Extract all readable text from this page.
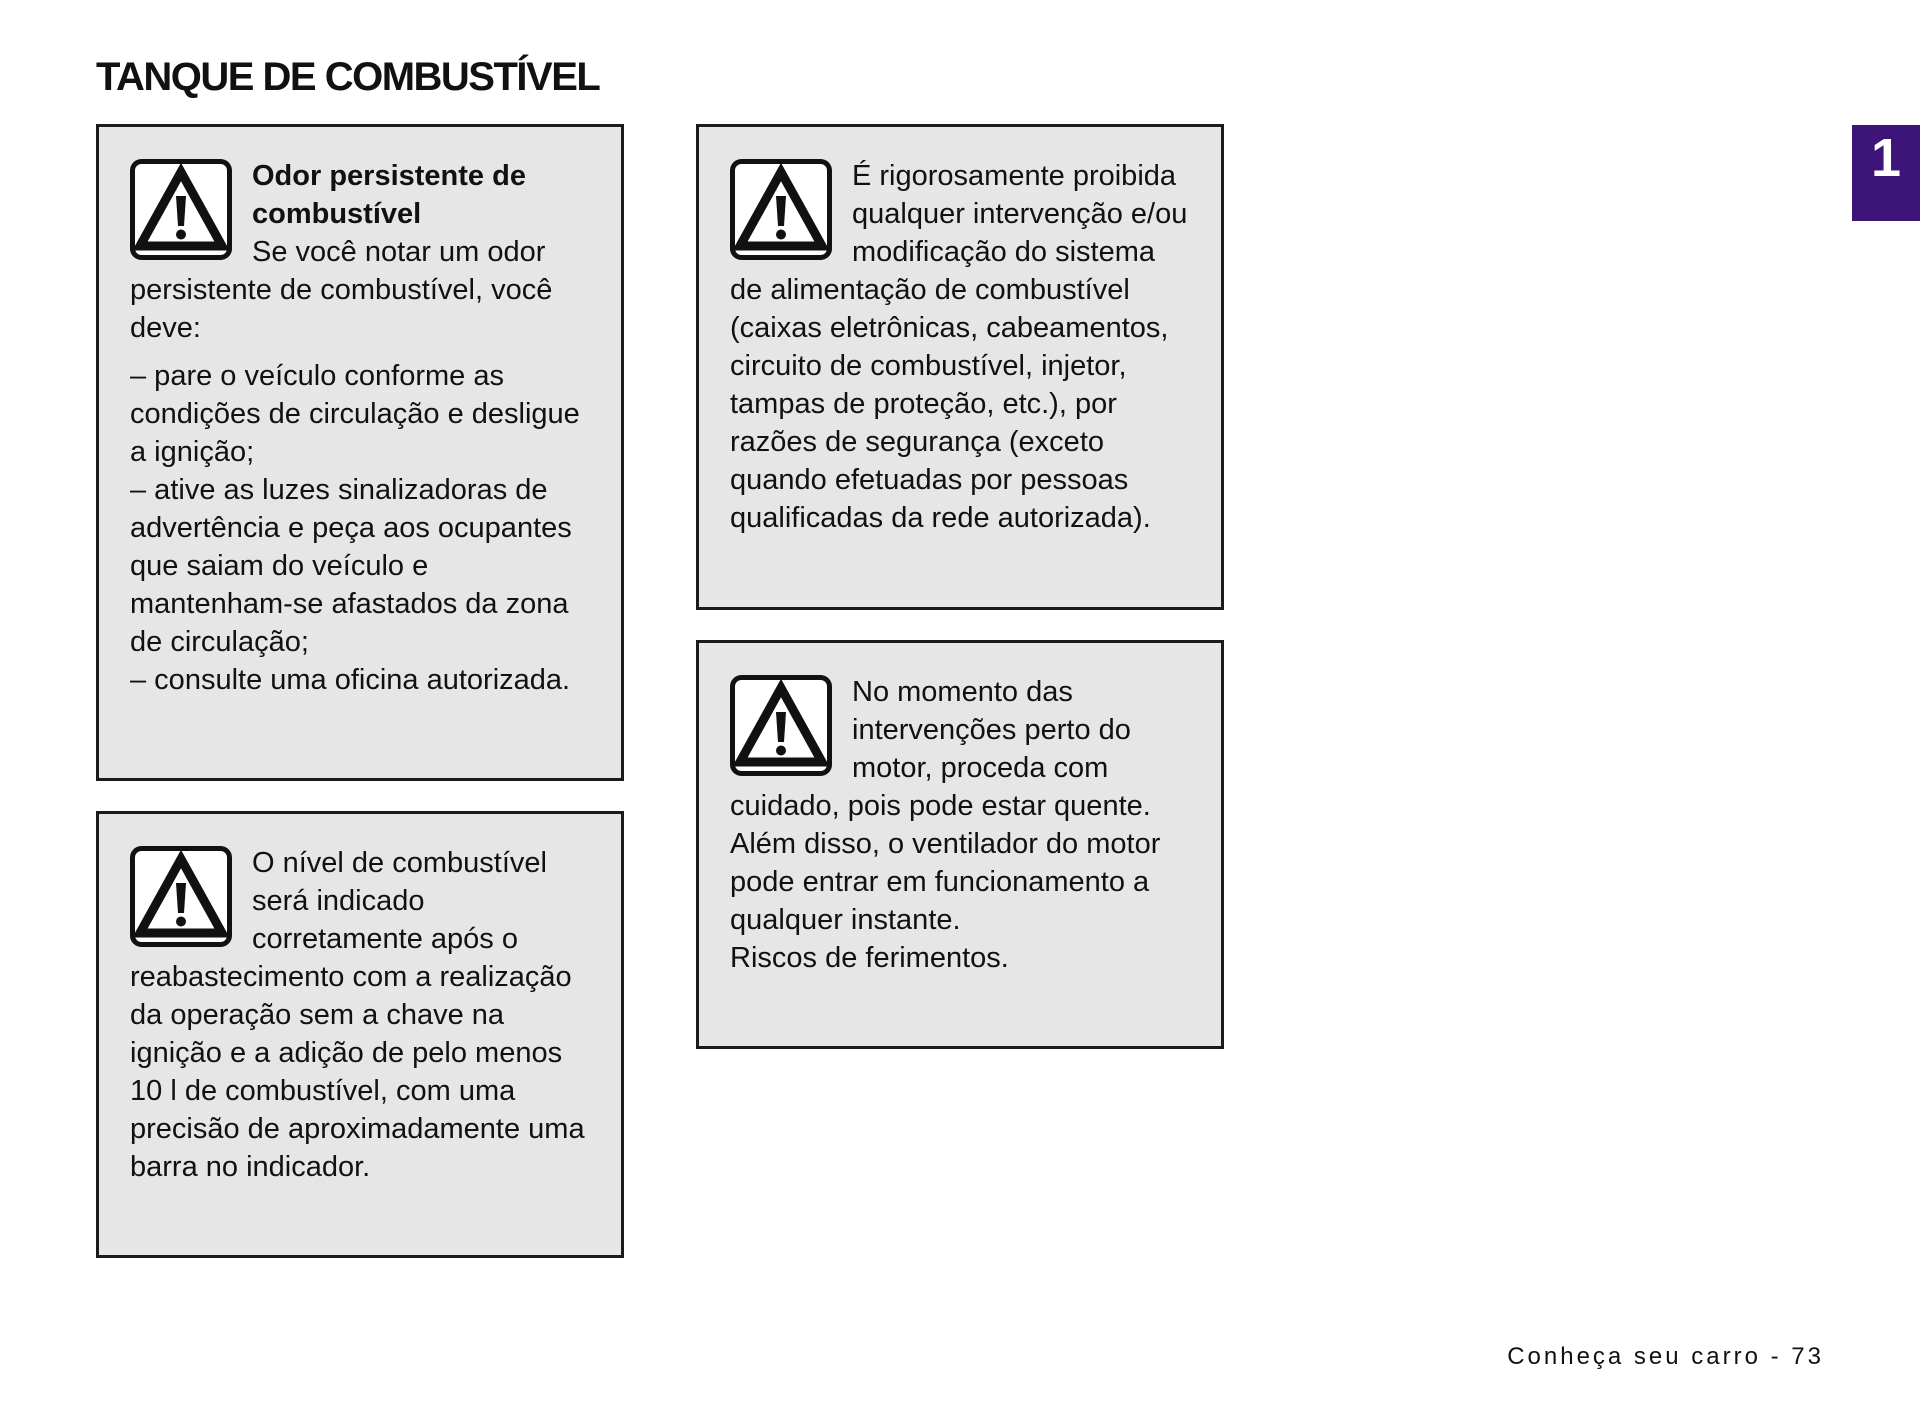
TANQUE DE COMBUSTÍVEL
1

Odor persistente de
combustível

Se você notar um odor persistente de combustível, você deve:

– pare o veículo conforme as condições de circulação e desligue a ignição;
– ative as luzes sinalizadoras de advertência e peça aos ocupantes que saiam do veículo e mantenham-se afastados da zona de circulação;
– consulte uma oficina autorizada.

O nível de combustível será indicado corretamente após o reabastecimento com a realização da operação sem a chave na ignição e a adição de pelo menos 10 l de combustível, com uma precisão de aproximadamente uma barra no indicador.

É rigorosamente proibida qualquer intervenção e/ou modificação do sistema de alimentação de combustível (caixas eletrônicas, cabeamentos, circuito de combustível, injetor, tampas de proteção, etc.), por razões de segurança (exceto quando efetuadas por pessoas qualificadas da rede autorizada).

No momento das intervenções perto do motor, proceda com cuidado, pois pode estar quente. Além disso, o ventilador do motor pode entrar em funcionamento a qualquer instante.

Riscos de ferimentos.

Conheça seu carro - 73
